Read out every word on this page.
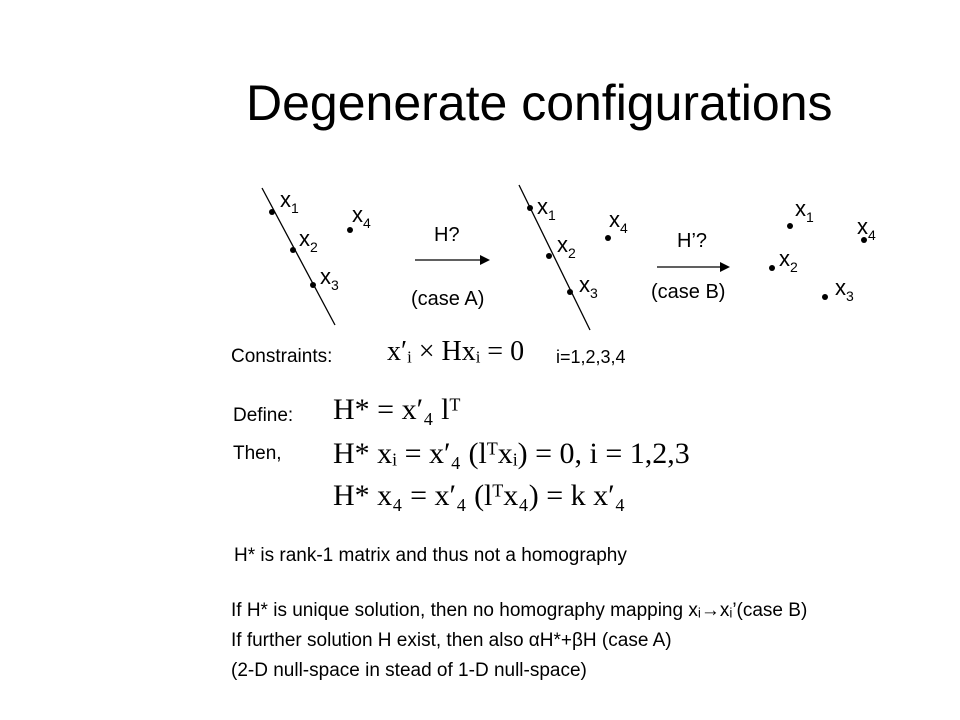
Degenerate configurations
$x_1$
$x_2$
$x_3$
$x_4$
H?
(case A)
$x_1$
$x_2$
$x_3$
$x_4$
H’?
(case B)
$x_1$
$x_2$
$x_3$
$x_4$
Constraints: x′ᵢ × Hxᵢ = 0 i=1,2,3,4
Define: H* = x′₄ lᵀ
Then, H* xᵢ = x′₄ (lᵀxᵢ) = 0, i = 1,2,3
H* x₄ = x′₄ (lᵀx₄) = k x′₄
H* is rank-1 matrix and thus not a homography
If H* is unique solution, then no homography mapping xᵢ→xᵢ’(case B)
If further solution H exist, then also αH*+βH (case A)
(2-D null-space in stead of 1-D null-space)
